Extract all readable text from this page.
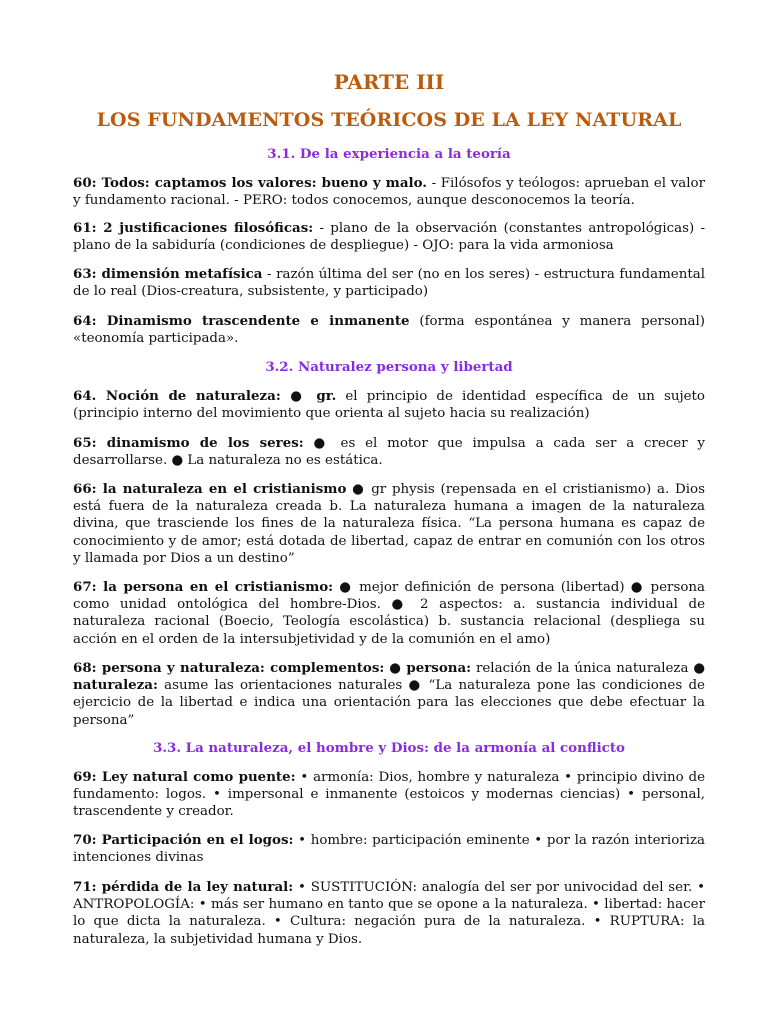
PARTE III
LOS FUNDAMENTOS TEÓRICOS DE LA LEY NATURAL
3.1. De la experiencia a la teoría

60: Todos: captamos los valores: bueno y malo. - Filósofos y teólogos: aprueban el valor y fundamento racional. - PERO: todos conocemos, aunque desconocemos la teoría.

61: 2 justificaciones filosóficas: - plano de la observación (constantes antropológicas) - plano de la sabiduría (condiciones de despliegue) - OJO: para la vida armoniosa

63: dimensión metafísica - razón última del ser (no en los seres) - estructura fundamental de lo real (Dios-creatura, subsistente, y participado)

64: Dinamismo trascendente e inmanente (forma espontánea y manera personal) «teonomía participada».

3.2. Naturalez persona y libertad

64. Noción de naturaleza: ● gr. el principio de identidad específica de un sujeto (principio interno del movimiento que orienta al sujeto hacia su realización)

65: dinamismo de los seres: ● es el motor que impulsa a cada ser a crecer y desarrollarse. ● La naturaleza no es estática.

66: la naturaleza en el cristianismo ● gr physis (repensada en el cristianismo) a. Dios está fuera de la naturaleza creada b. La naturaleza humana a imagen de la naturaleza divina, que trasciende los fines de la naturaleza física. “La persona humana es capaz de conocimiento y de amor; está dotada de libertad, capaz de entrar en comunión con los otros y llamada por Dios a un destino”

67: la persona en el cristianismo: ● mejor definición de persona (libertad) ● persona como unidad ontológica del hombre-Dios. ● 2 aspectos: a. sustancia individual de naturaleza racional (Boecio, Teología escolástica) b. sustancia relacional (despliega su acción en el orden de la intersubjetividad y de la comunión en el amo)

68: persona y naturaleza: complementos: ● persona: relación de la única naturaleza ● naturaleza: asume las orientaciones naturales ● “La naturaleza pone las condiciones de ejercicio de la libertad e indica una orientación para las elecciones que debe efectuar la persona”

3.3. La naturaleza, el hombre y Dios: de la armonía al conflicto

69: Ley natural como puente: • armonía: Dios, hombre y naturaleza • principio divino de fundamento: logos. • impersonal e inmanente (estoicos y modernas ciencias) • personal, trascendente y creador.

70: Participación en el logos: • hombre: participación eminente • por la razón interioriza intenciones divinas

71: pérdida de la ley natural: • SUSTITUCIÓN: analogía del ser por univocidad del ser. • ANTROPOLOGÍA: • más ser humano en tanto que se opone a la naturaleza. • libertad: hacer lo que dicta la naturaleza. • Cultura: negación pura de la naturaleza. • RUPTURA: la naturaleza, la subjetividad humana y Dios.
